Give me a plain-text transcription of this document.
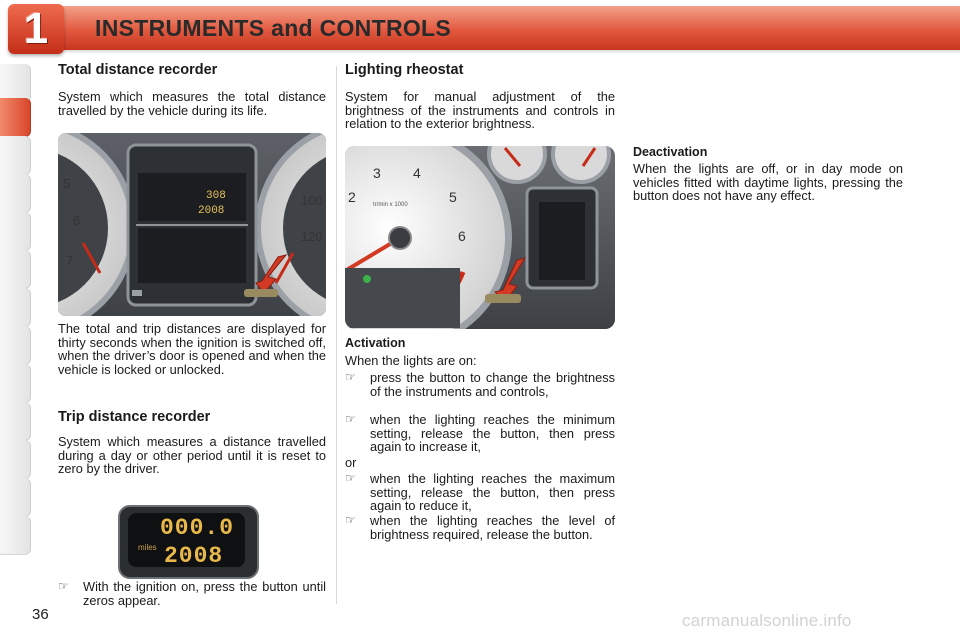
1 INSTRUMENTS and CONTROLS
Total distance recorder

System which measures the total distance travelled by the vehicle during its life.

5
6
7
100
120
308
2008

The total and trip distances are displayed for thirty seconds when the ignition is switched off, when the driver’s door is opened and when the vehicle is locked or unlocked.

Trip distance recorder

System which measures a distance travelled during a day or other period until it is reset to zero by the driver.

000.0
miles 2008
☞ With the ignition on, press the button until zeros appear.
Lighting rheostat

System for manual adjustment of the brightness of the instruments and controls in relation to the exterior brightness.

3 4
5
6
2	tr/min x 1000
Activation

When the lights are on:

☞ press the button to change the brightness of the instruments and controls,
☞ when the lighting reaches the minimum setting, release the button, then press again to increase it,

or

☞ when the lighting reaches the maximum setting, release the button, then press again to reduce it,
☞ when the lighting reaches the level of brightness required, release the button.
Deactivation

When the lights are off, or in day mode on vehicles fitted with daytime lights, pressing the button does not have any effect.

36	carmanualsonline.info
